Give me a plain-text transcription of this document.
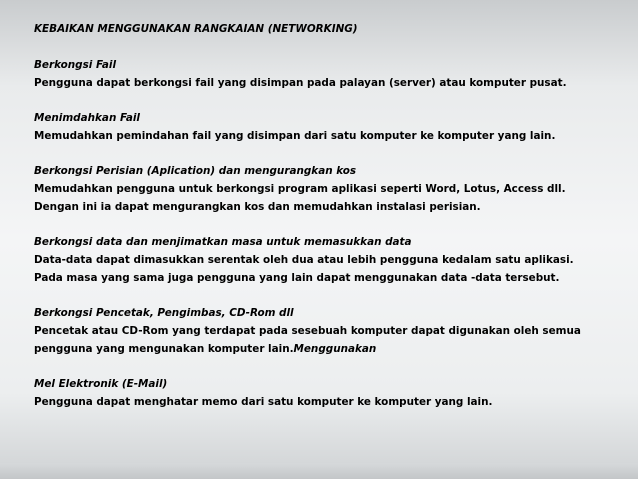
KEBAIKAN MENGGUNAKAN RANGKAIAN (NETWORKING)
Berkongsi Fail
Pengguna dapat berkongsi fail yang disimpan pada palayan (server) atau komputer pusat.
Menimdahkan Fail
Memudahkan pemindahan fail yang disimpan dari satu komputer ke komputer yang lain.
Berkongsi Perisian (Aplication) dan mengurangkan kos
Memudahkan pengguna untuk berkongsi program aplikasi seperti Word, Lotus, Access dll.
Dengan ini ia dapat mengurangkan kos dan memudahkan instalasi perisian.
Berkongsi data dan menjimatkan masa untuk memasukkan data
Data-data dapat dimasukkan serentak oleh dua atau lebih pengguna kedalam satu aplikasi.
Pada masa yang sama juga pengguna yang lain dapat menggunakan data -data tersebut.
Berkongsi Pencetak, Pengimbas, CD-Rom dll
Pencetak atau CD-Rom yang terdapat pada sesebuah komputer dapat digunakan oleh semua
pengguna yang mengunakan komputer lain.Menggunakan
Mel Elektronik (E-Mail)
Pengguna dapat menghatar memo dari satu komputer ke komputer yang lain.
